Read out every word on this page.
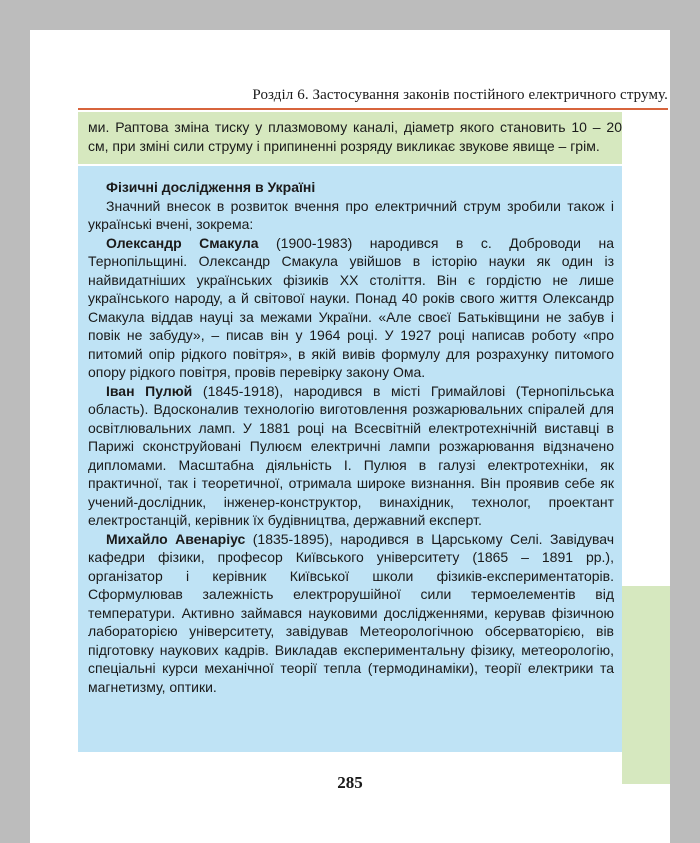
Розділ 6. Застосування законів постійного електричного струму.
ми. Раптова зміна тиску у плазмовому каналі, діаметр якого становить 10 – 20 см, при зміні сили струму і припиненні розряду викликає звукове явище – грім.
Фізичні дослідження в Україні

Значний внесок в розвиток вчення про електричний струм зробили також і українські вчені, зокрема:

Олександр Смакула (1900-1983) народився в с. Доброводи на Тернопільщині. Олександр Смакула увійшов в історію науки як один із найвидатніших українських фізиків XX століття. Він є гордістю не лише українського народу, а й світової науки. Понад 40 років свого життя Олександр Смакула віддав науці за межами України. «Але своєї Батьківщини не забув і повік не забуду», – писав він у 1964 році. У 1927 році написав роботу «про питомий опір рідкого повітря», в якій вивів формулу для розрахунку питомого опору рідкого повітря, провів перевірку закону Ома.

Іван Пулюй (1845-1918), народився в місті Гримайлові (Тернопільська область). Вдосконалив технологію виготовлення розжарювальних спіралей для освітлювальних ламп. У 1881 році на Всесвітній електротехнічній виставці в Парижі сконструйовані Пулюєм електричні лампи розжарювання відзначено дипломами. Масштабна діяльність І. Пулюя в галузі електротехніки, як практичної, так і теоретичної, отримала широке визнання. Він проявив себе як учений-дослідник, інженер-конструктор, винахідник, технолог, проектант електростанцій, керівник їх будівництва, державний експерт.

Михайло Авенаріус (1835-1895), народився в Царському Селі. Завідувач кафедри фізики, професор Київського університету (1865 – 1891 рр.), організатор і керівник Київської школи фізиків-експериментаторів. Сформулював залежність електрорушійної сили термоелементів від температури. Активно займався науковими дослідженнями, керував фізичною лабораторією університету, завідував Метеорологічною обсерваторією, вів підготовку наукових кадрів. Викладав експериментальну фізику, метеорологію, спеціальні курси механічної теорії тепла (термодинаміки), теорії електрики та магнетизму, оптики.

285
